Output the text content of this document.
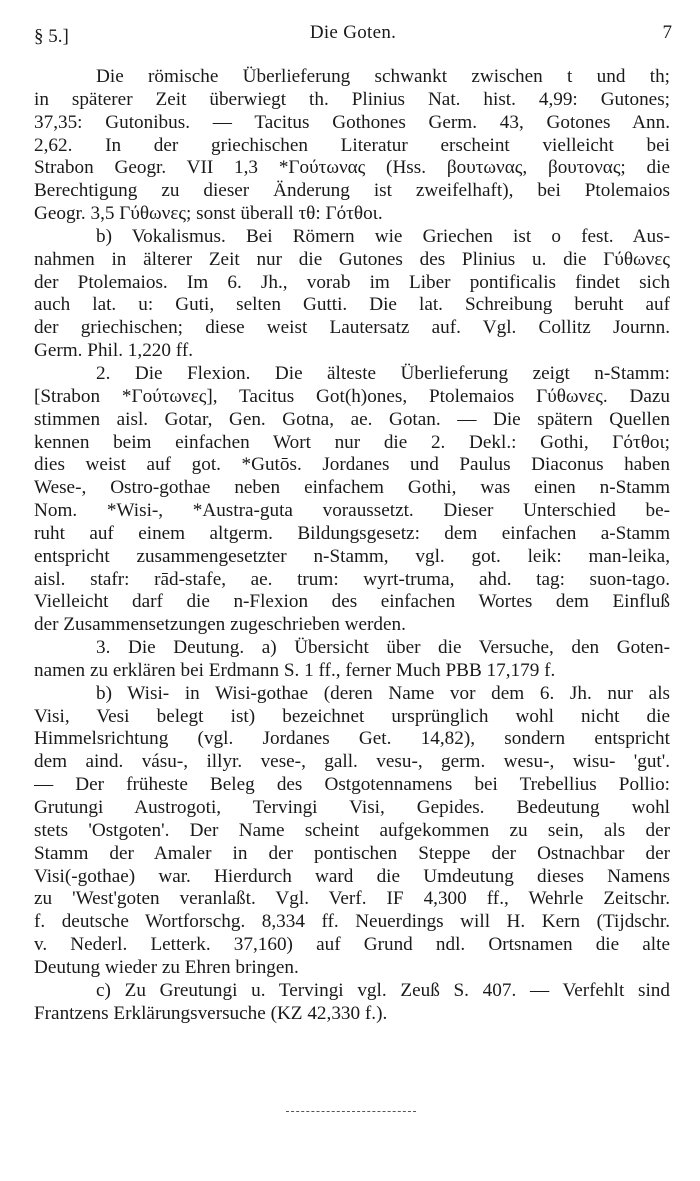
§ 5.]	Die Goten.	7
Die römische Überlieferung schwankt zwischen t und th;
in späterer Zeit überwiegt th. Plinius Nat. hist. 4,99: Gutones;
37,35: Gutonibus. — Tacitus Gothones Germ. 43, Gotones Ann.
2,62. In der griechischen Literatur erscheint vielleicht bei
Strabon Geogr. VII 1,3 *Γούτωνας (Hss. βουτωνας, βουτονας; die
Berechtigung zu dieser Änderung ist zweifelhaft), bei Ptolemaios
Geogr. 3,5 Γύθωνες; sonst überall τθ: Γότθοι.
b) Vokalismus. Bei Römern wie Griechen ist o fest. Aus-
nahmen in älterer Zeit nur die Gutones des Plinius u. die Γύθωνες
der Ptolemaios. Im 6. Jh., vorab im Liber pontificalis findet sich
auch lat. u: Guti, selten Gutti. Die lat. Schreibung beruht auf
der griechischen; diese weist Lautersatz auf. Vgl. Collitz Journn.
Germ. Phil. 1,220 ff.
2. Die Flexion. Die älteste Überlieferung zeigt n-Stamm:
[Strabon *Γούτωνες], Tacitus Got(h)ones, Ptolemaios Γύθωνες. Dazu
stimmen aisl. Gotar, Gen. Gotna, ae. Gotan. — Die spätern Quellen
kennen beim einfachen Wort nur die 2. Dekl.: Gothi, Γότθοι;
dies weist auf got. *Gutōs. Jordanes und Paulus Diaconus haben
Wese-, Ostro-gothae neben einfachem Gothi, was einen n-Stamm
Nom. *Wisi-, *Austra-guta voraussetzt. Dieser Unterschied be-
ruht auf einem altgerm. Bildungsgesetz: dem einfachen a-Stamm
entspricht zusammengesetzter n-Stamm, vgl. got. leik: man-leika,
aisl. stafr: rād-stafe, ae. trum: wyrt-truma, ahd. tag: suon-tago.
Vielleicht darf die n-Flexion des einfachen Wortes dem Einfluß
der Zusammensetzungen zugeschrieben werden.
3. Die Deutung. a) Übersicht über die Versuche, den Goten-
namen zu erklären bei Erdmann S. 1 ff., ferner Much PBB 17,179 f.
b) Wisi- in Wisi-gothae (deren Name vor dem 6. Jh. nur als
Visi, Vesi belegt ist) bezeichnet ursprünglich wohl nicht die
Himmelsrichtung (vgl. Jordanes Get. 14,82), sondern entspricht
dem aind. vásu-, illyr. vese-, gall. vesu-, germ. wesu-, wisu- 'gut'.
— Der früheste Beleg des Ostgotennamens bei Trebellius Pollio:
Grutungi Austrogoti, Tervingi Visi, Gepides. Bedeutung wohl
stets 'Ostgoten'. Der Name scheint aufgekommen zu sein, als der
Stamm der Amaler in der pontischen Steppe der Ostnachbar der
Visi(-gothae) war. Hierdurch ward die Umdeutung dieses Namens
zu 'West'goten veranlaßt. Vgl. Verf. IF 4,300 ff., Wehrle Zeitschr.
f. deutsche Wortforschg. 8,334 ff. Neuerdings will H. Kern (Tijdschr.
v. Nederl. Letterk. 37,160) auf Grund ndl. Ortsnamen die alte
Deutung wieder zu Ehren bringen.
c) Zu Greutungi u. Tervingi vgl. Zeuß S. 407. — Verfehlt sind
Frantzens Erklärungsversuche (KZ 42,330 f.).
